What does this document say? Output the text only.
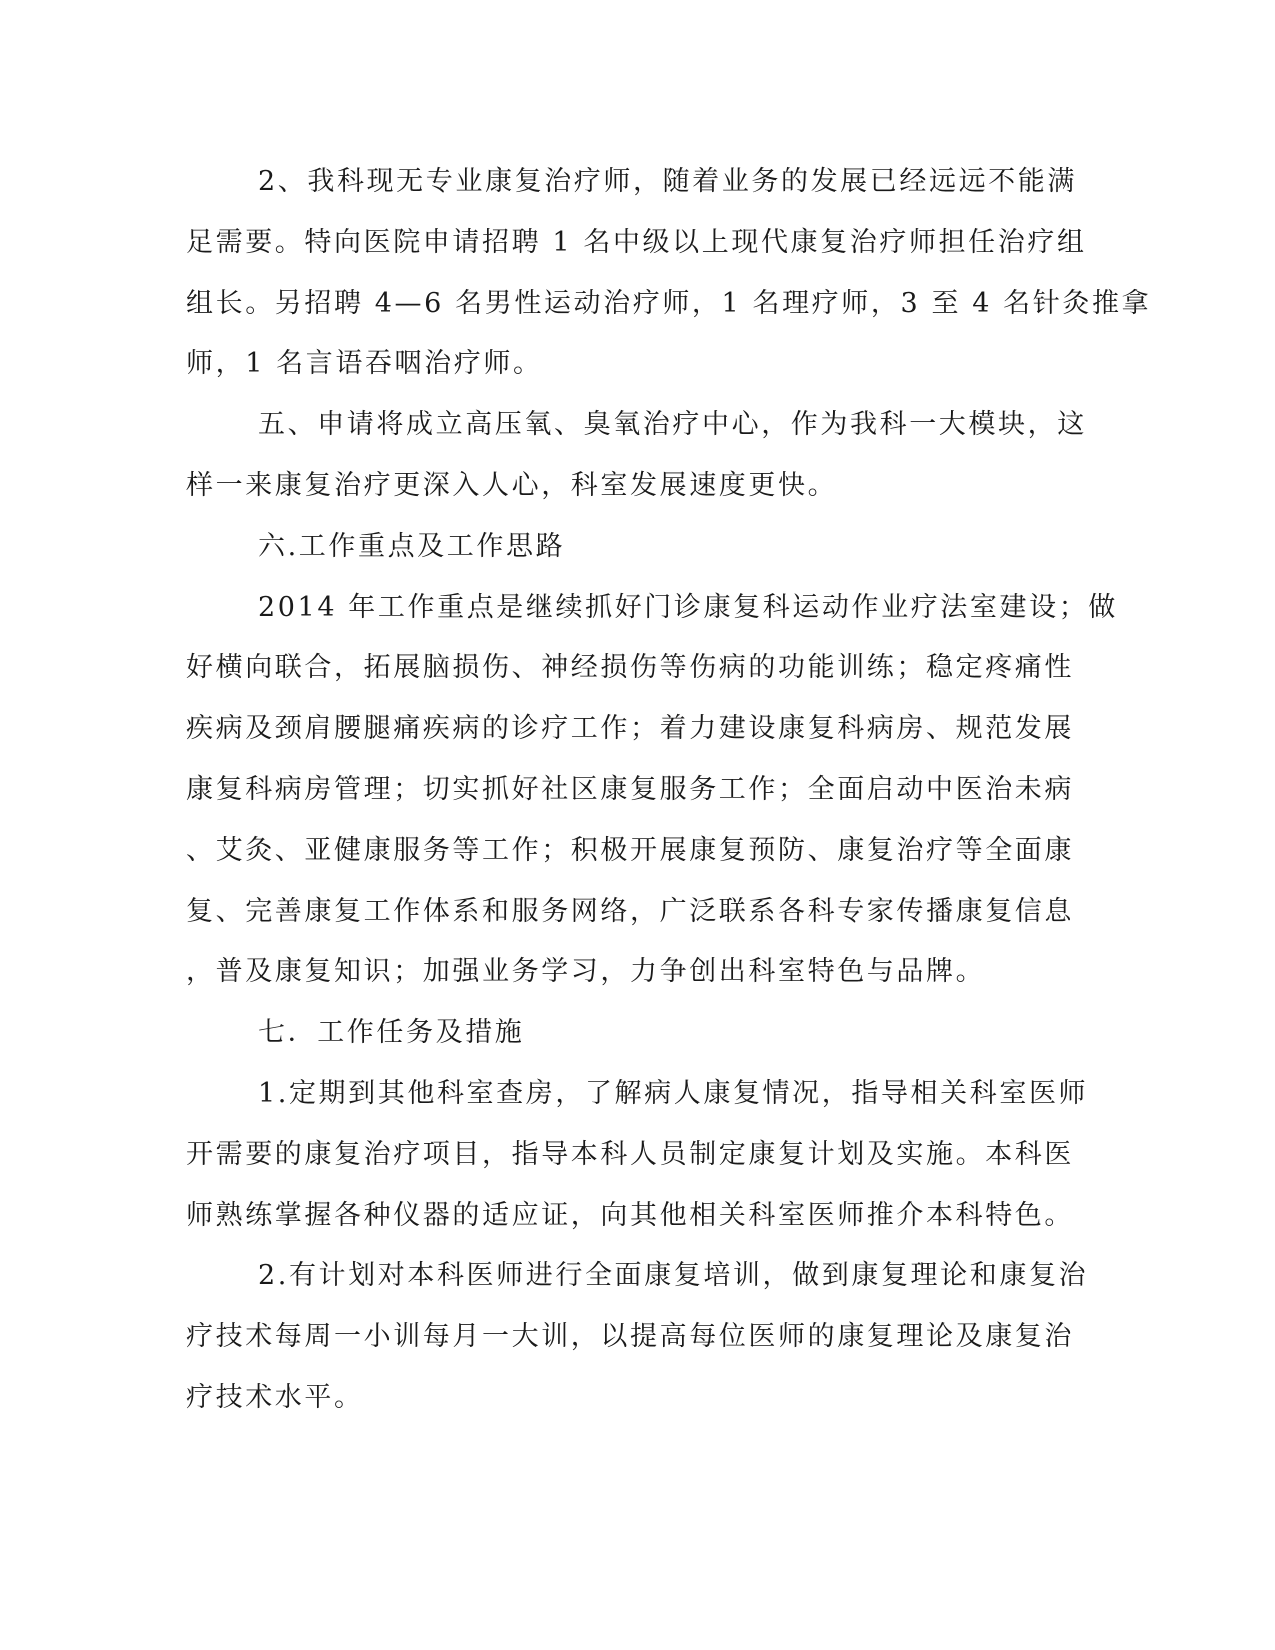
2、我科现无专业康复治疗师，随着业务的发展已经远远不能满
足需要。特向医院申请招聘 1 名中级以上现代康复治疗师担任治疗组
组长。另招聘 4—6 名男性运动治疗师，1 名理疗师，3 至 4 名针灸推拿
师，1 名言语吞咽治疗师。
五、申请将成立高压氧、臭氧治疗中心，作为我科一大模块，这
样一来康复治疗更深入人心，科室发展速度更快。
六.工作重点及工作思路
2014 年工作重点是继续抓好门诊康复科运动作业疗法室建设；做
好横向联合，拓展脑损伤、神经损伤等伤病的功能训练；稳定疼痛性
疾病及颈肩腰腿痛疾病的诊疗工作；着力建设康复科病房、规范发展
康复科病房管理；切实抓好社区康复服务工作；全面启动中医治未病
、艾灸、亚健康服务等工作；积极开展康复预防、康复治疗等全面康
复、完善康复工作体系和服务网络，广泛联系各科专家传播康复信息
，普及康复知识；加强业务学习，力争创出科室特色与品牌。
七．工作任务及措施
1.定期到其他科室查房，了解病人康复情况，指导相关科室医师
开需要的康复治疗项目，指导本科人员制定康复计划及实施。本科医
师熟练掌握各种仪器的适应证，向其他相关科室医师推介本科特色。
2.有计划对本科医师进行全面康复培训，做到康复理论和康复治
疗技术每周一小训每月一大训，以提高每位医师的康复理论及康复治
疗技术水平。
